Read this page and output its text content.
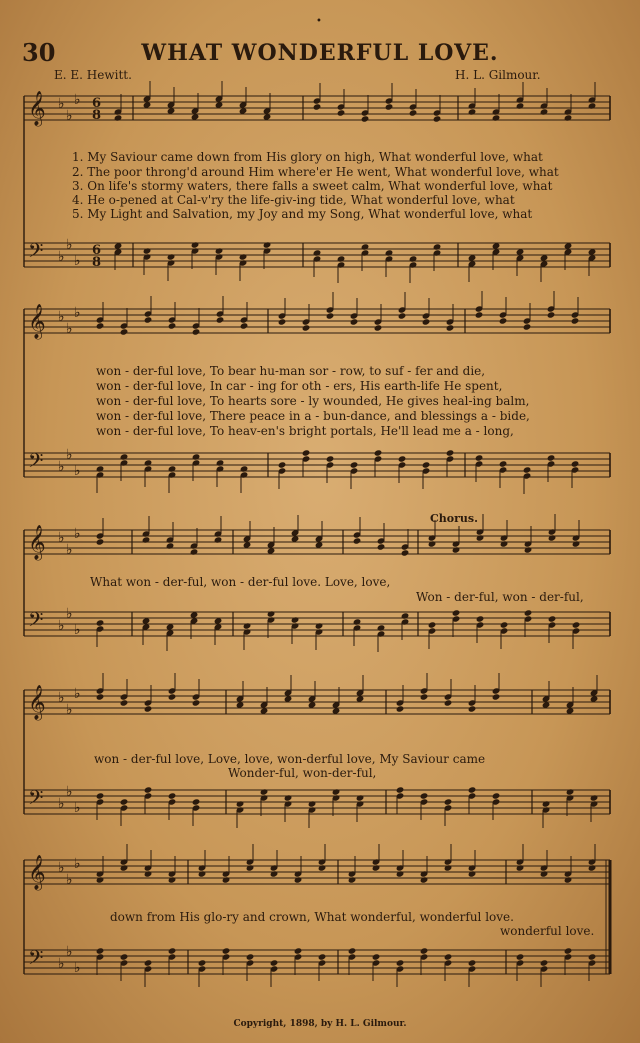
30
•
WHAT WONDERFUL LOVE.
E. E. Hewitt.	H. L. Gilmour.
𝄞 ♭
♭
♭
𝄢 ♭
♭
♭
𝄞 ♭
♭
♭
𝄢 ♭
♭
♭
𝄞 ♭
♭
♭
𝄢 ♭
♭
♭
𝄞 ♭
♭
♭
𝄢 ♭
♭
♭
𝄞 ♭
♭
♭
𝄢 ♭
♭
♭
6
8
6
8
1. My Saviour came down from His glory on high, What wonderful love, what
2. The poor throng'd around Him where'er He went, What wonderful love, what
3. On life's stormy waters, there falls a sweet calm, What wonderful love, what
4. He o-pened at Cal-v'ry the life-giv-ing tide, What wonderful love, what
5. My Light and Salvation, my Joy and my Song, What wonderful love, what
won - der-ful love, To bear hu-man sor - row, to suf - fer and die,
won - der-ful love, In car - ing for oth - ers, His earth-life He spent,
won - der-ful love, To hearts sore - ly wounded, He gives heal-ing balm,
won - der-ful love, There peace in a - bun-dance, and blessings a - bide,
won - der-ful love, To heav-en's bright portals, He'll lead me a - long,
Chorus.
What won - der-ful, won - der-ful love. Love, love,
Won - der-ful, won - der-ful,
won - der-ful love, Love, love, won-derful love, My Saviour came
Wonder-ful, won-der-ful,
down from His glo-ry and crown, What wonderful, wonderful love.
wonderful love.
Copyright, 1898, by H. L. Gilmour.
